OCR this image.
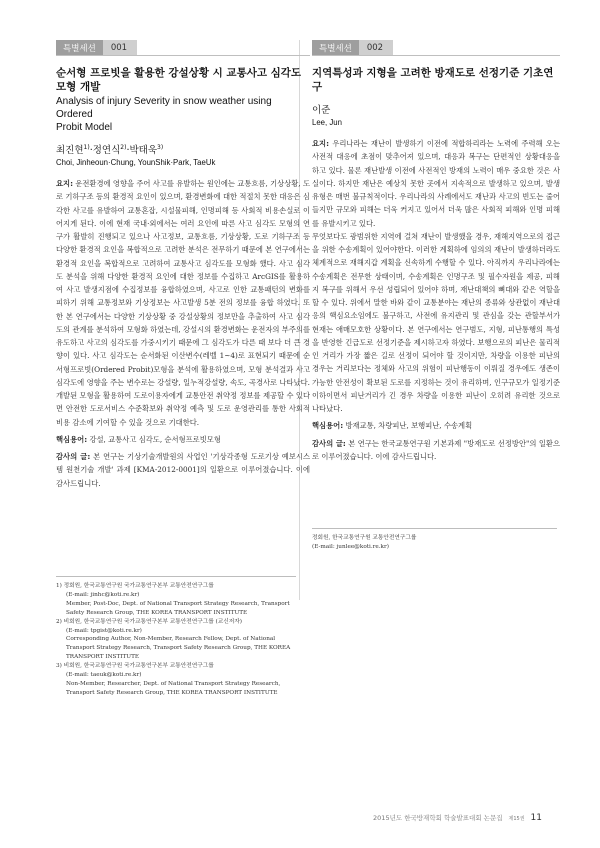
특별세션	001
순서형 프로빗을 활용한 강설상황 시 교통사고 심각도
모형 개발
Analysis of injury Severity in snow weather using Ordered
Probit Model
최진현$^{1)}$·정연식$^{2)}$·박태욱$^{3)}$
Choi, Jinheoun·Chung, YounShik·Park, TaeUk

요지: 운전환경에 영향을 주어 사고를 유발하는 원인에는 교통흐름, 기상상황, 도로 기하구조 등의 환경적 요인이 있으며, 환경변화에 대한 적절치 못한 대응은 심각한 사고를 유발하여 교통혼잡, 시설물피해, 인명피해 등 사회적 비용손실로 이어지게 된다. 이에 현재 국내·외에서는 여러 요인에 따른 사고 심각도 모형의 연구가 활발히 진행되고 있으나 사고정보, 교통흐름, 기상상황, 도로 기하구조 등 다양한 환경적 요인을 복합적으로 고려한 분석은 전무하기 때문에 본 연구에서는 환경적 요인을 복합적으로 고려하여 교통사고 심각도를 모형화 했다. 사고 심각도 분석을 위해 다양한 환경적 요인에 대한 정보를 수집하고 ArcGIS를 활용하여 사고 발생지점에 수집정보를 융합하였으며, 사고로 인한 교통패턴의 변화를 피하기 위해 교통정보와 기상정보는 사고발생 5분 전의 정보를 융합 하였다. 또한 본 연구에서는 다양한 기상상황 중 강설상황의 정보만을 추출하여 사고 심각도의 관계를 분석하여 모형화 하였는데, 강설시의 환경변화는 운전자의 부주의를 유도하고 사고의 심각도를 가중시키기 때문에 그 심각도가 다른 때 보다 더 큰 경향이 있다. 사고 심각도는 순서화된 이산변수(레벨 1~4)로 표현되기 때문에 순서형프로빗(Ordered Probit)모형을 분석에 활용하였으며, 모형 분석결과 사고 심각도에 영향을 주는 변수로는 강설량, 일누적강설량, 속도, 곡경사로 나타났다. 개발된 모형을 활용하여 도로이용자에게 교통안전 취약정 정보를 제공할 수 있다면 안전한 도로서비스 수준확보와 취약정 예측 및 도로 운영관리를 통한 사회적 비용 감소에 기여할 수 있을 것으로 기대한다.

핵심용어: 강설, 교통사고 심각도, 순서형프로빗모형
감사의 글: 본 연구는 기상기술개발원의 사업인 '기상각종형 도로기상 예보시스템 원천기술 개발' 과제 [KMA-2012-0001]의 일환으로 이루어졌습니다. 이에 감사드립니다.
1) 정회원, 한국교통연구원 국가교통연구본부 교통안전연구그룹
(E-mail: jinhc@koti.re.kr)
Member, Post-Doc, Dept. of National Transport Strategy Research, Transport
Safety Research Group, THE KOREA TRANSPORT INSTITUTE
2) 비회원, 한국교통연구원 국가교통연구본부 교통안전연구그룹 (교신저자)
(E-mail: tpgist@koti.re.kr)
Corresponding Author, Non-Member, Research Fellow, Dept. of National
Transport Strategy Research, Transport Safety Research Group, THE KOREA
TRANSPORT INSTITUTE
3) 비회원, 한국교통연구원 국가교통연구본부 교통안전연구그룹
(E-mail: taeuk@koti.re.kr)
Non-Member, Researcher, Dept. of National Transport Strategy Research,
Transport Safety Research Group, THE KOREA TRANSPORT INSTITUTE
특별세션	002
지역특성과 지형을 고려한 방재도로 선정기준 기초연구
이준
Lee, Jun

요지: 우리나라는 재난이 발생하기 이전에 적합하리라는 노력에 주력해 오는 사전적 대응에 초점이 맞추어져 있으며, 대응과 복구는 단편적인 상황대응을 하고 있다. 물론 재난발생 이전에 사전적인 방재의 노력이 매우 중요한 것은 사실이다. 하지만 재난은 예상치 못한 곳에서 지속적으로 발생하고 있으며, 발생유형은 매번 불규칙적이다. 우리나라의 사례에서도 재난과 사고의 빈도는 줄어들지만 규모와 피해는 더욱 커지고 있어서 더욱 많은 사회적 피해와 인명 피해를 유발시키고 있다.

무엇보다도 광범위한 지역에 걸쳐 재난이 발생했을 경우, 재해지역으로의 접근을 위한 수송계획이 있어야한다. 이러한 계획하에 임의의 재난이 발생하더라도 체계적으로 재해지갑 계획을 신속하게 수행할 수 있다. 아직까지 우리나라에는 수송계획은 전무한 상태이며, 수송계획은 인명구조 및 필수자원을 제공, 피해지 복구를 위해서 우선 성립되어 있어야 하며, 재난대책의 뼈대와 같은 역할을 할 수 있다. 위에서 말한 바와 같이 교통분야는 재난의 종류와 상관없이 재난대응의 핵심요소임에도 불구하고, 사전에 유지관리 및 관심을 갖는 관할부서가 현재는 애매모호한 상황이다. 본 연구에서는 연구범도, 지형, 피난통행의 특성을 반영한 긴급도로 선정기준을 제시하고자 하였다. 보행으로의 피난은 물리적인 거리가 가장 짧은 길로 선정이 되어야 할 것이지만, 차량을 이용한 피난의 경우는 거리보다는 정체와 사고의 위험이 피난행동이 이뤄질 경우에도 생존이 가능한 안전성이 확보된 도로를 지정하는 것이 유리하며, 인구규모가 일정기준 이하이면서 피난거리가 긴 경우 차량을 이용한 피난이 오히려 유리한 것으로 나타났다.

핵심용어: 방재교통, 차량피난, 보행피난, 수송계획
감사의 글: 본 연구는 한국교통연구원 기본과제 "방재도로 선정방안"의 일환으로 이루어졌습니다. 이에 감사드립니다.
정회원, 한국교통연구원 교통안전연구그룹
(E-mail: junlee@koti.re.kr)
2015년도 한국방재학회 학술발표대회 논문집 제15권 11
